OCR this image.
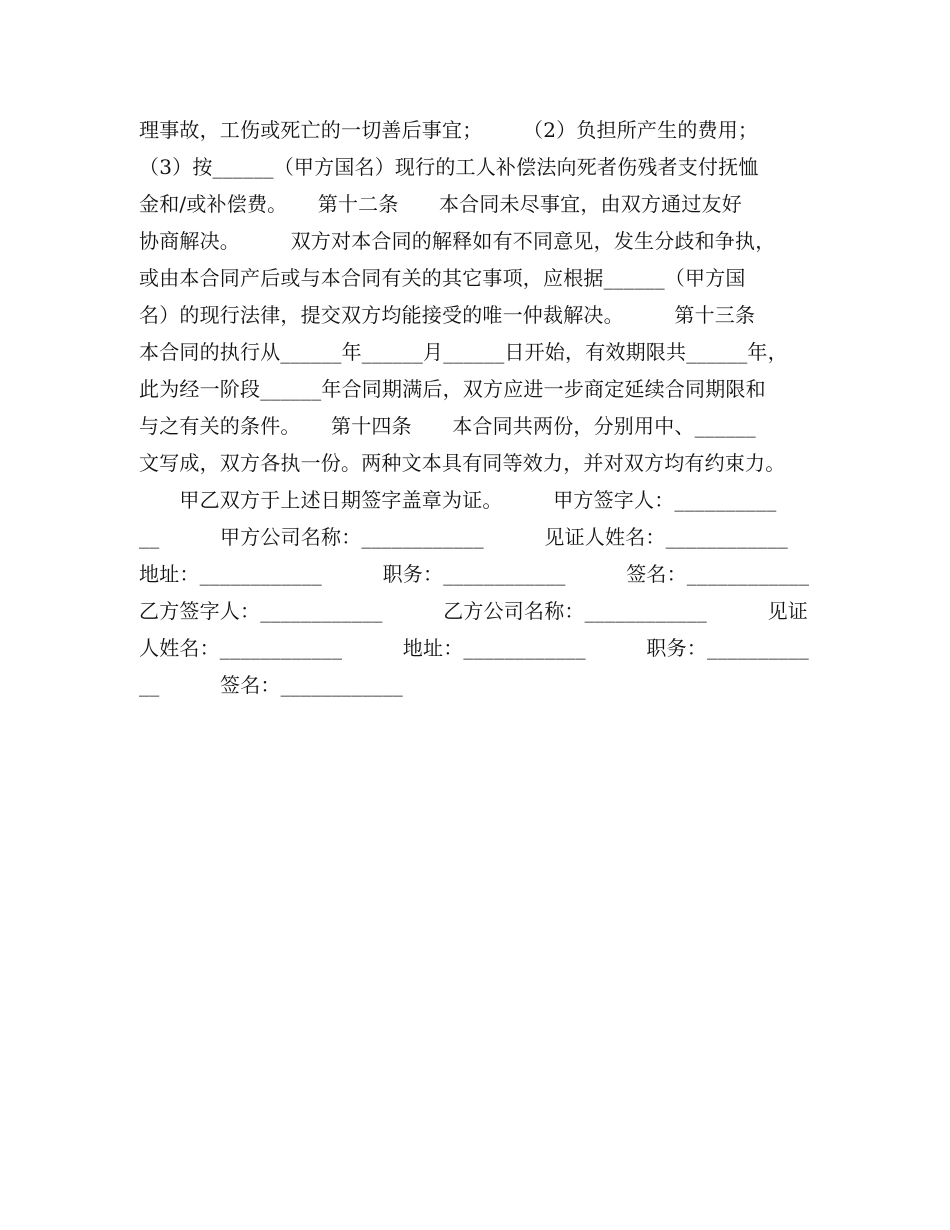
理事故，工伤或死亡的一切善后事宜；　　　（2）负担所产生的费用；
（3）按______（甲方国名）现行的工人补偿法向死者伤残者支付抚恤
金和/或补偿费。　　第十二条　　本合同未尽事宜，由双方通过友好
协商解决。　　　双方对本合同的解释如有不同意见，发生分歧和争执，
或由本合同产后或与本合同有关的其它事项，应根据______（甲方国
名）的现行法律，提交双方均能接受的唯一仲裁解决。　　　第十三条
本合同的执行从______年______月______日开始，有效期限共______年，
此为经一阶段______年合同期满后，双方应进一步商定延续合同期限和
与之有关的条件。　　第十四条　　本合同共两份，分别用中、______
文写成，双方各执一份。两种文本具有同等效力，并对双方均有约束力。
　　甲乙双方于上述日期签字盖章为证。　　　甲方签字人：__________
__　　　甲方公司名称：____________　　　见证人姓名：____________
地址：____________　　　职务：____________　　　签名：____________
乙方签字人：____________　　　乙方公司名称：____________　　　见证
人姓名：____________　　　地址：____________　　　职务：__________
__　　　签名：____________
